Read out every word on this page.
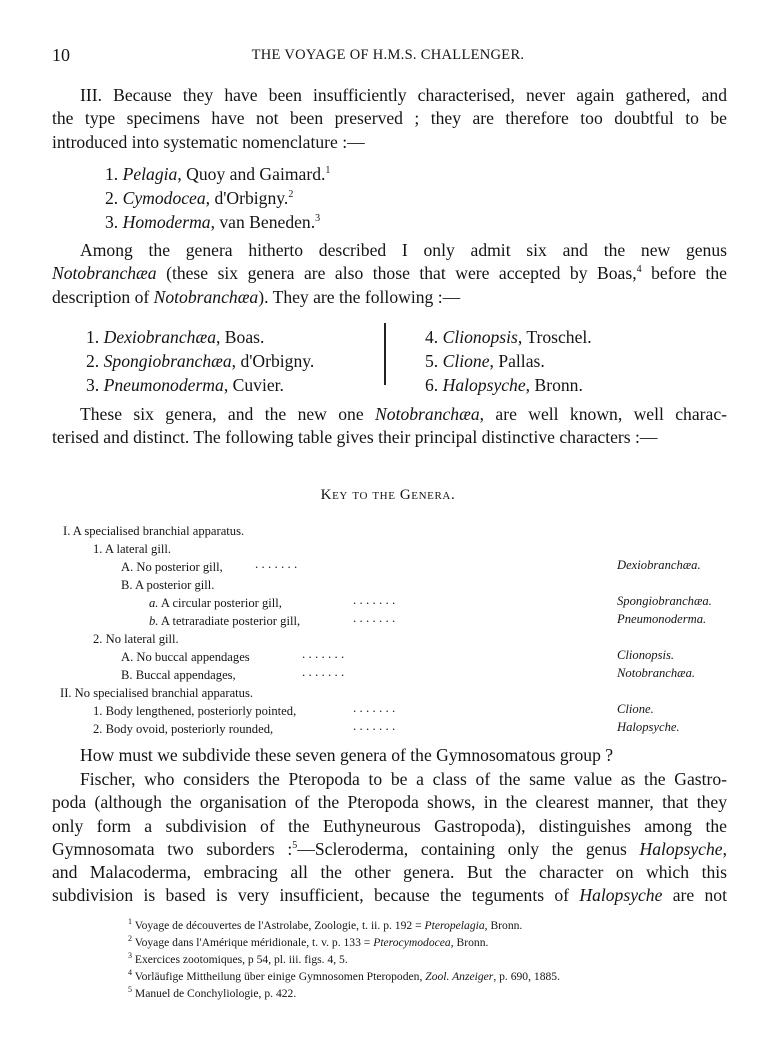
10	THE VOYAGE OF H.M.S. CHALLENGER.
III. Because they have been insufficiently characterised, never again gathered, and
the type specimens have not been preserved ; they are therefore too doubtful to be
introduced into systematic nomenclature :—
1. Pelagia, Quoy and Gaimard.$^1$
2. Cymodocea, d'Orbigny.$^2$
3. Homoderma, van Beneden.$^3$
Among the genera hitherto described I only admit six and the new genus
Notobranchæa (these six genera are also those that were accepted by Boas,$^4$ before the
description of Notobranchæa). They are the following :—
1. Dexiobranchæa, Boas.
2. Spongiobranchæa, d'Orbigny.
3. Pneumonoderma, Cuvier.
4. Clionopsis, Troschel.
5. Clione, Pallas.
6. Halopsyche, Bronn.
These six genera, and the new one Notobranchæa, are well known, well charac-
terised and distinct. The following table gives their principal distinctive characters :—
Key to the Genera.
I. A specialised branchial apparatus.
1. A lateral gill.
A. No posterior gill, . . . . . . .	Dexiobranchæa.
B. A posterior gill.
a. A circular posterior gill,	. . . . . . .	Spongiobranchæa.
b. A tetraradiate posterior gill,	. . . . . . .	Pneumonoderma.
2. No lateral gill.
A. No buccal appendages	. . . . . . .	Clionopsis.
B. Buccal appendages,	. . . . . . .	Notobranchæa.
II. No specialised branchial apparatus.
1. Body lengthened, posteriorly pointed,	. . . . . . .	Clione.
2. Body ovoid, posteriorly rounded,	. . . . . . .	Halopsyche.
How must we subdivide these seven genera of the Gymnosomatous group ?
Fischer, who considers the Pteropoda to be a class of the same value as the Gastro-
poda (although the organisation of the Pteropoda shows, in the clearest manner, that they
only form a subdivision of the Euthyneurous Gastropoda), distinguishes among the
Gymnosomata two suborders :$^5$—Scleroderma, containing only the genus Halopsyche,
and Malacoderma, embracing all the other genera. But the character on which this
subdivision is based is very insufficient, because the teguments of Halopsyche are not
$^1$ Voyage de découvertes de l'Astrolabe, Zoologie, t. ii. p. 192 = Pteropelagia, Bronn.
$^2$ Voyage dans l'Amérique méridionale, t. v. p. 133 = Pterocymodocea, Bronn.
$^3$ Exercices zootomiques, p 54, pl. iii. figs. 4, 5.
$^4$ Vorläufige Mittheilung über einige Gymnosomen Pteropoden, Zool. Anzeiger, p. 690, 1885.
$^5$ Manuel de Conchyliologie, p. 422.
